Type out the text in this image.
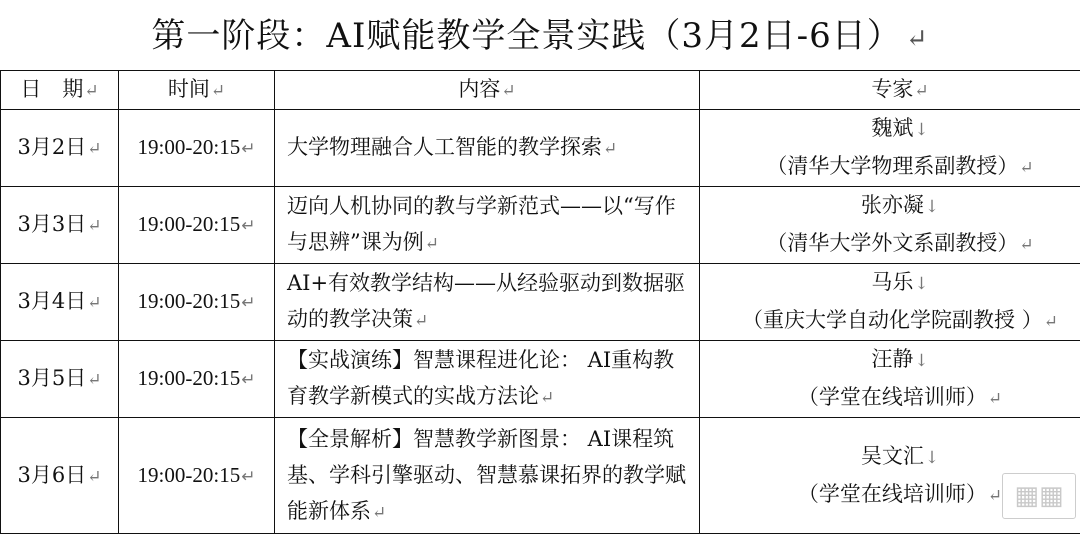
第一阶段：AI赋能教学全景实践（3月2日-6日） ↵
日　期↵	时间↵	内容↵	专家↵
3月2日↵	19:00-20:15↵	大学物理融合人工智能的教学探索↵	魏斌↓
（清华大学物理系副教授）↵

3月3日↵	19:00-20:15↵	迈向人机协同的教与学新范式——以“写作与思辨”课为例↵	张亦凝↓
（清华大学外文系副教授）↵

3月4日↵	19:00-20:15↵	AI+有效教学结构——从经验驱动到数据驱动的教学决策↵	马乐↓
（重庆大学自动化学院副教授 ）↵

3月5日↵	19:00-20:15↵	【实战演练】智慧课程进化论： AI重构教育教学新模式的实战方法论↵	汪静↓
（学堂在线培训师）↵

3月6日↵	19:00-20:15↵	【全景解析】智慧教学新图景： AI课程筑基、学科引擎驱动、智慧慕课拓界的教学赋能新体系↵	吴文汇↓
（学堂在线培训师）↵ ▦▦
